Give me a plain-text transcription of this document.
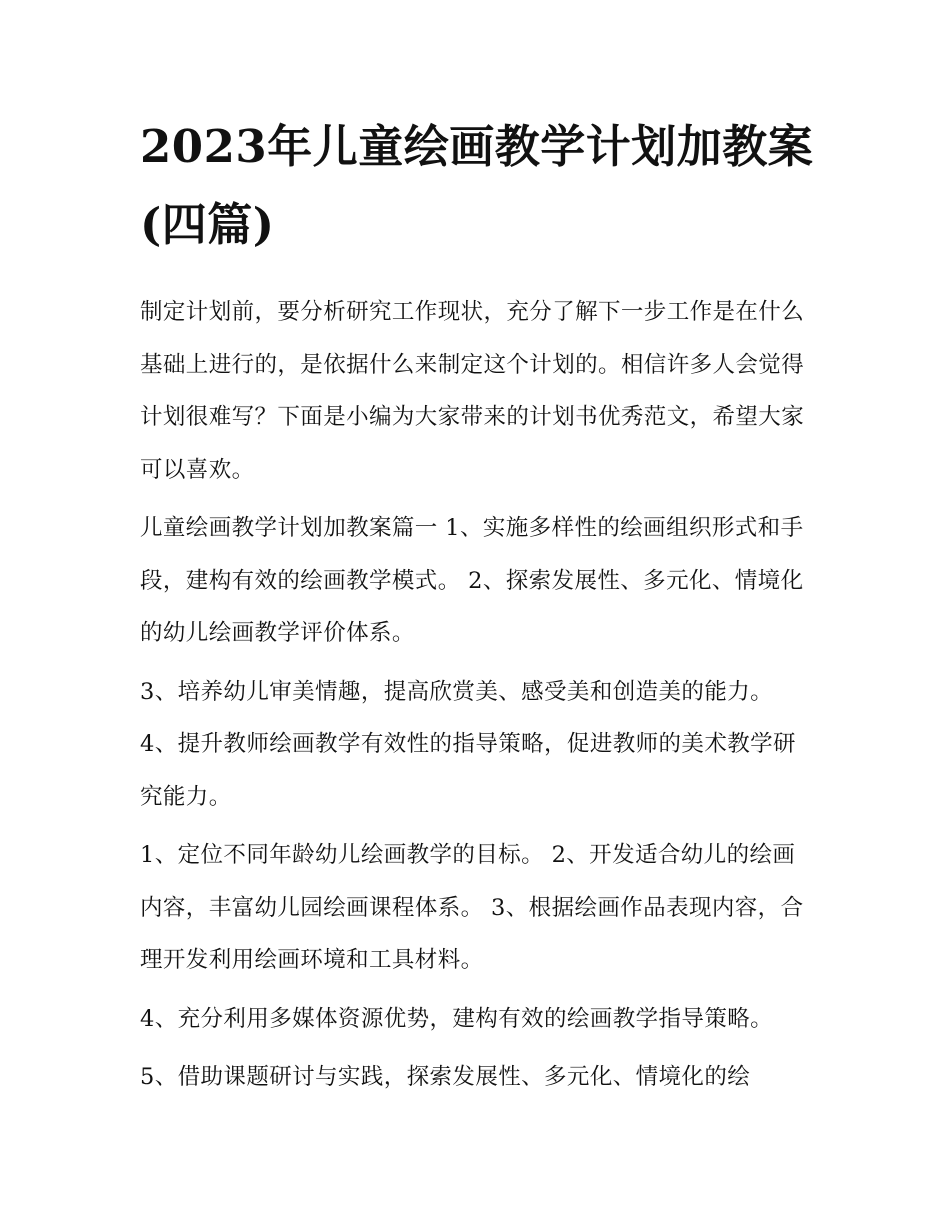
2023年儿童绘画教学计划加教案(四篇)

制定计划前，要分析研究工作现状，充分了解下一步工作是在什么基础上进行的，是依据什么来制定这个计划的。相信许多人会觉得计划很难写？下面是小编为大家带来的计划书优秀范文，希望大家可以喜欢。

儿童绘画教学计划加教案篇一 1、实施多样性的绘画组织形式和手段，建构有效的绘画教学模式。 2、探索发展性、多元化、情境化的幼儿绘画教学评价体系。

3、培养幼儿审美情趣，提高欣赏美、感受美和创造美的能力。 4、提升教师绘画教学有效性的指导策略，促进教师的美术教学研究能力。

1、定位不同年龄幼儿绘画教学的目标。 2、开发适合幼儿的绘画内容，丰富幼儿园绘画课程体系。 3、根据绘画作品表现内容，合理开发利用绘画环境和工具材料。

4、充分利用多媒体资源优势，建构有效的绘画教学指导策略。

5、借助课题研讨与实践，探索发展性、多元化、情境化的绘
